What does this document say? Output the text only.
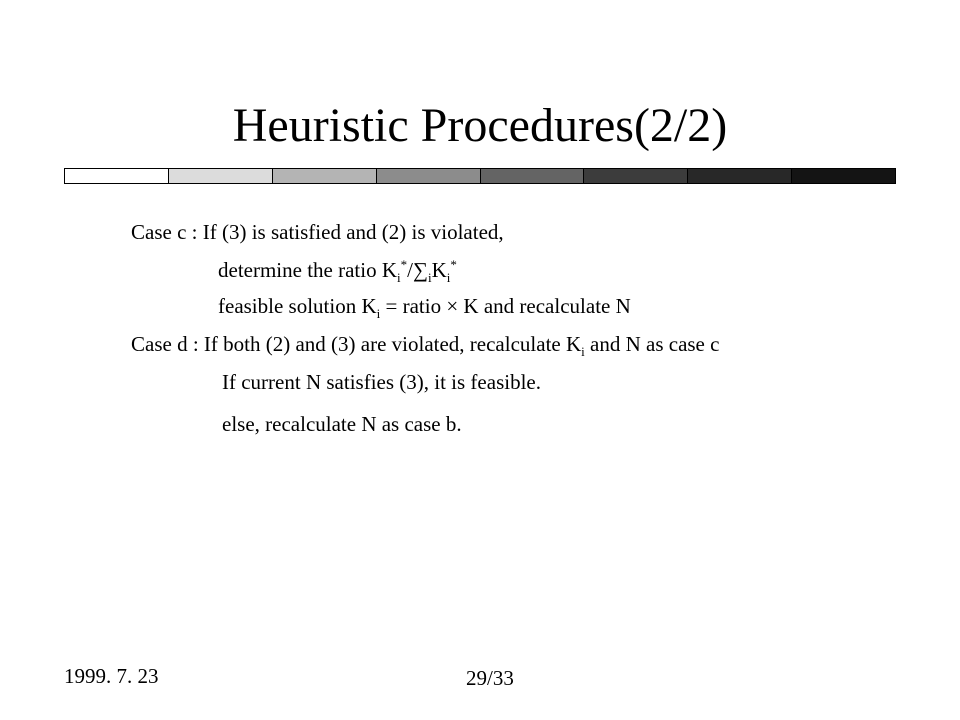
Heuristic Procedures(2/2)
Case c : If (3) is satisfied and (2) is violated,
determine the ratio $K_i^*/\sum_iK_i^*$
feasible solution $K_i$ = ratio × K and recalculate N
Case d : If both (2) and (3) are violated, recalculate $K_i$ and N as case c
If current N satisfies (3), it is feasible.
else, recalculate N as case b.
1999. 7. 23	29/33
